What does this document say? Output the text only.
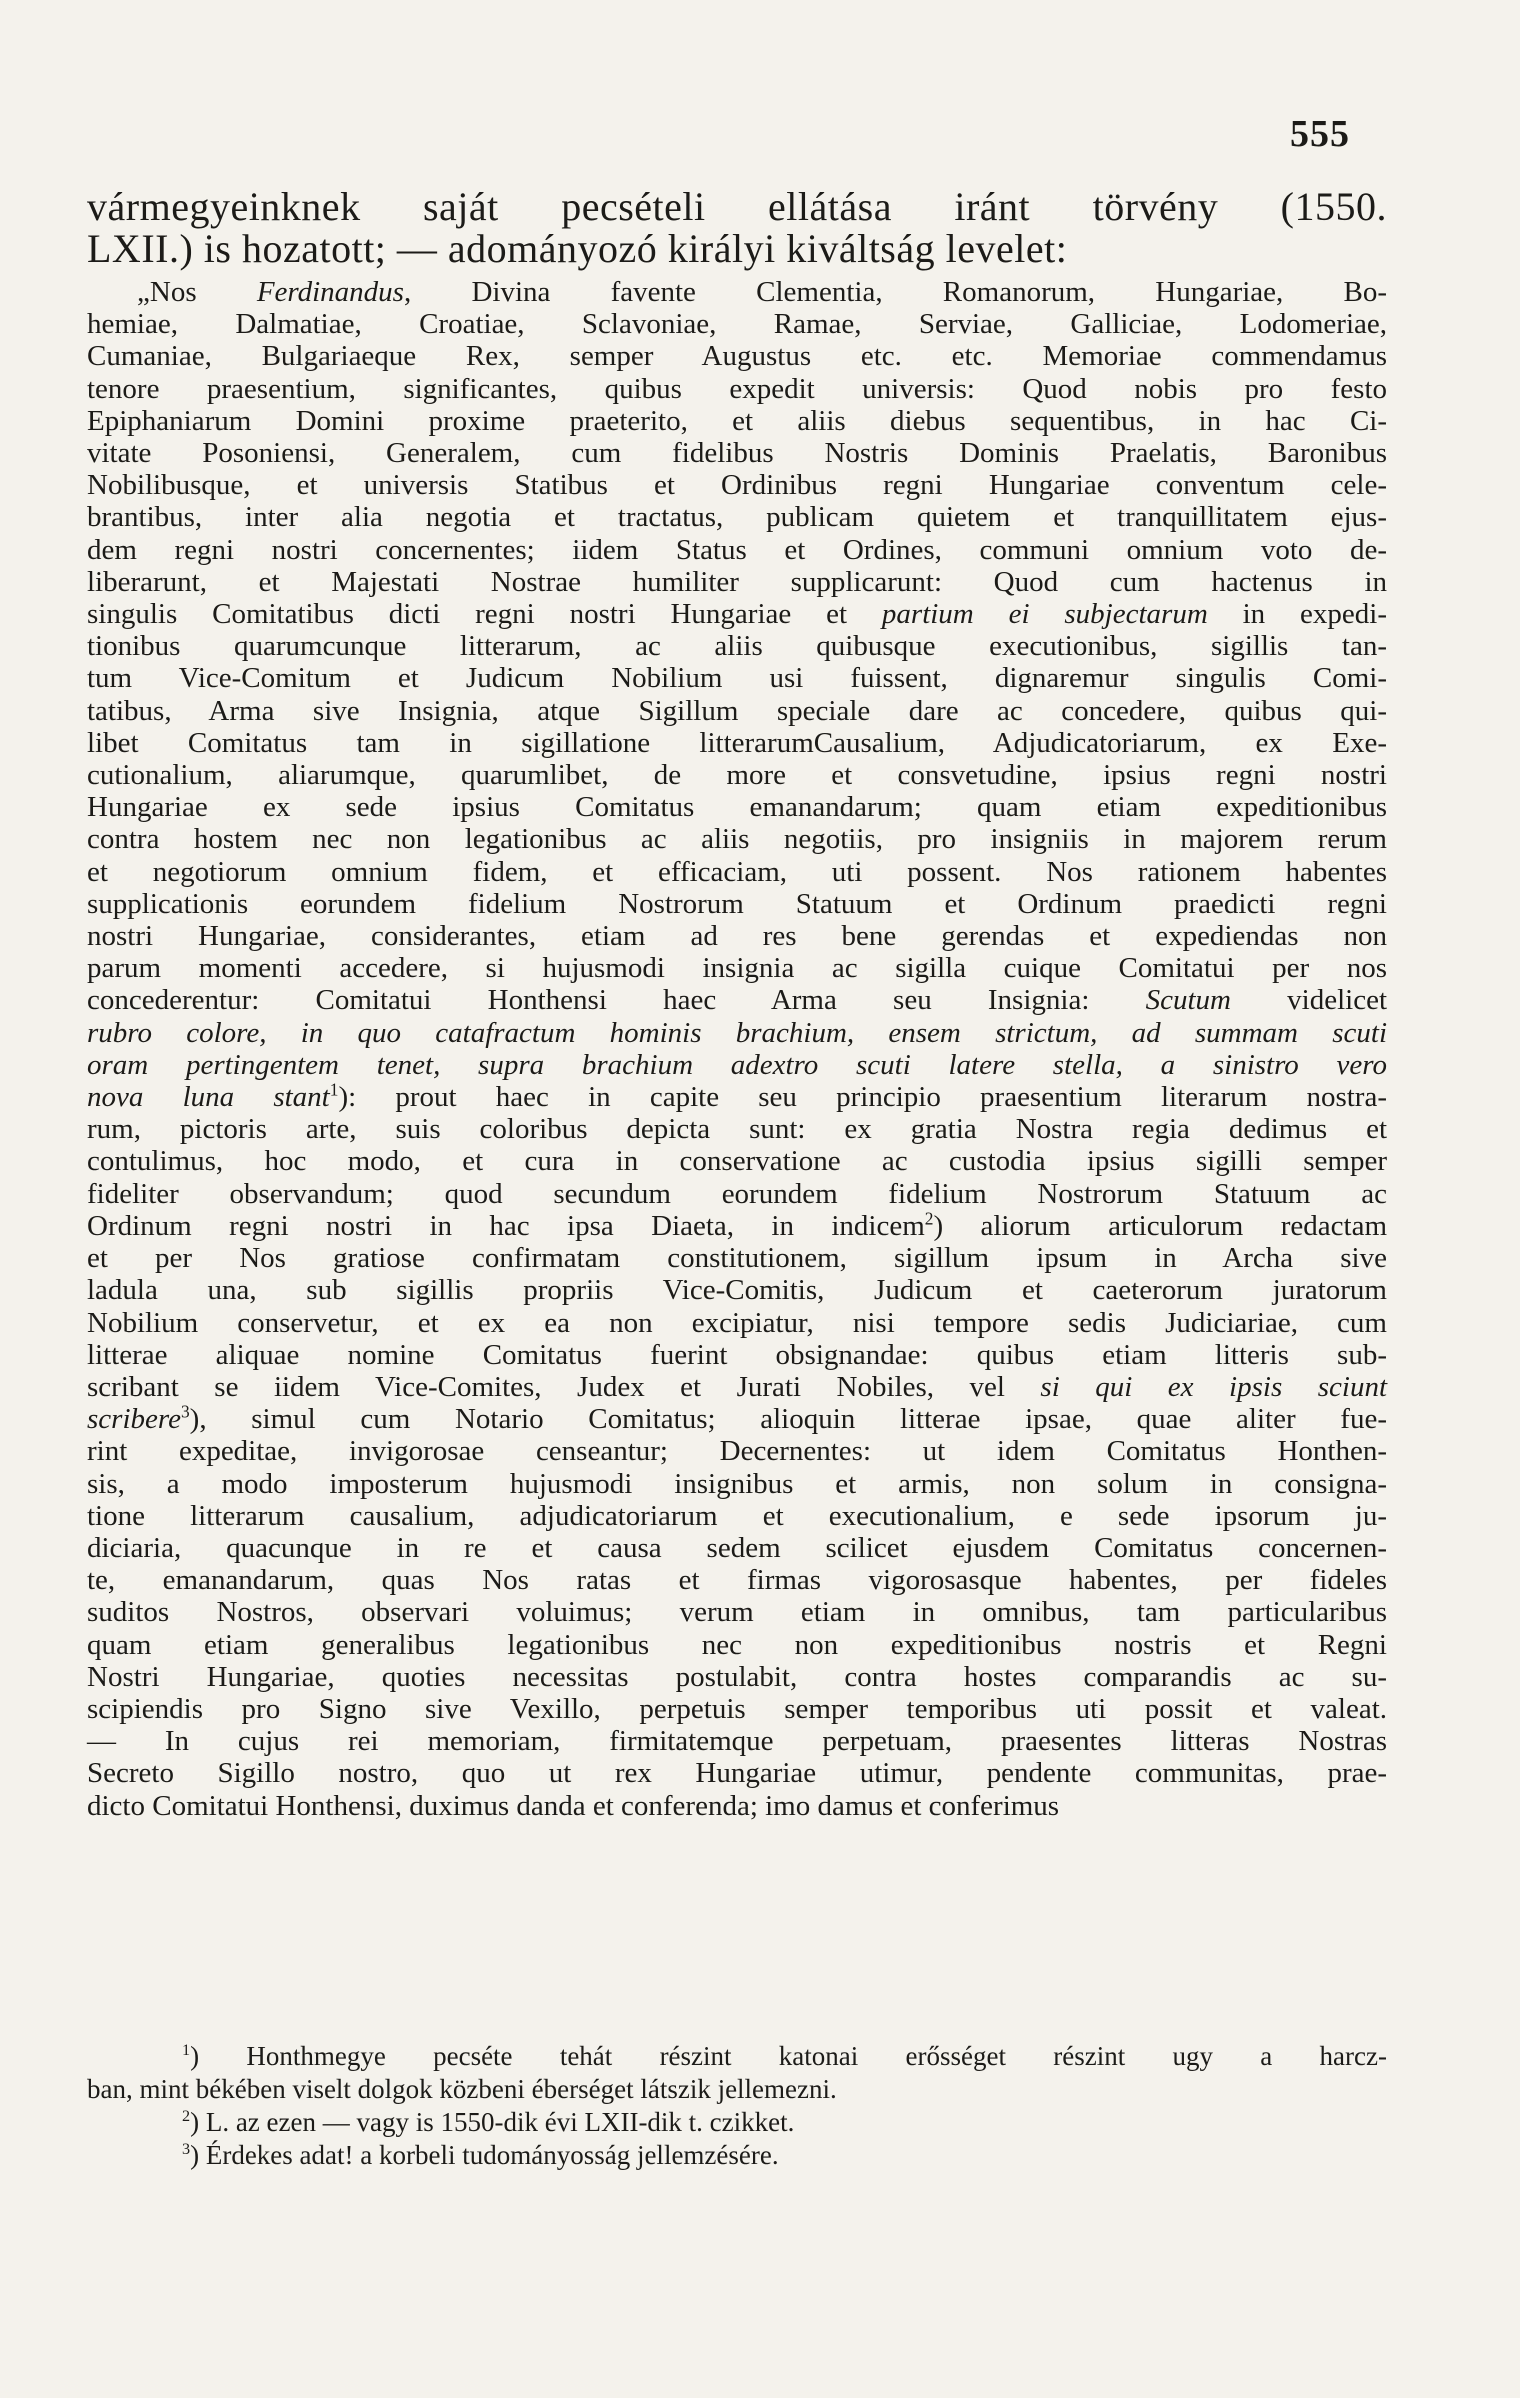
555
vármegyeinknek saját pecsételi ellátása iránt törvény (1550.
LXII.) is hozatott; — adományozó királyi kiváltság levelet:
„Nos Ferdinandus, Divina favente Clementia, Romanorum, Hungariae, Bo-
hemiae, Dalmatiae, Croatiae, Sclavoniae, Ramae, Serviae, Galliciae, Lodomeriae,
Cumaniae, Bulgariaeque Rex, semper Augustus etc. etc. Memoriae commendamus
tenore praesentium, significantes, quibus expedit universis: Quod nobis pro festo
Epiphaniarum Domini proxime praeterito, et aliis diebus sequentibus, in hac Ci-
vitate Posoniensi, Generalem, cum fidelibus Nostris Dominis Praelatis, Baronibus
Nobilibusque, et universis Statibus et Ordinibus regni Hungariae conventum cele-
brantibus, inter alia negotia et tractatus, publicam quietem et tranquillitatem ejus-
dem regni nostri concernentes; iidem Status et Ordines, communi omnium voto de-
liberarunt, et Majestati Nostrae humiliter supplicarunt: Quod cum hactenus in
singulis Comitatibus dicti regni nostri Hungariae et partium ei subjectarum in expedi-
tionibus quarumcunque litterarum, ac aliis quibusque executionibus, sigillis tan-
tum Vice-Comitum et Judicum Nobilium usi fuissent, dignaremur singulis Comi-
tatibus, Arma sive Insignia, atque Sigillum speciale dare ac concedere, quibus qui-
libet Comitatus tam in sigillatione litterarumCausalium, Adjudicatoriarum, ex Exe-
cutionalium, aliarumque, quarumlibet, de more et consvetudine, ipsius regni nostri
Hungariae ex sede ipsius Comitatus emanandarum; quam etiam expeditionibus
contra hostem nec non legationibus ac aliis negotiis, pro insigniis in majorem rerum
et negotiorum omnium fidem, et efficaciam, uti possent. Nos rationem habentes
supplicationis eorundem fidelium Nostrorum Statuum et Ordinum praedicti regni
nostri Hungariae, considerantes, etiam ad res bene gerendas et expediendas non
parum momenti accedere, si hujusmodi insignia ac sigilla cuique Comitatui per nos
concederentur: Comitatui Honthensi haec Arma seu Insignia: Scutum videlicet
rubro colore, in quo catafractum hominis brachium, ensem strictum, ad summam scuti
oram pertingentem tenet, supra brachium adextro scuti latere stella, a sinistro vero
nova luna stant$^1$): prout haec in capite seu principio praesentium literarum nostra-
rum, pictoris arte, suis coloribus depicta sunt: ex gratia Nostra regia dedimus et
contulimus, hoc modo, et cura in conservatione ac custodia ipsius sigilli semper
fideliter observandum; quod secundum eorundem fidelium Nostrorum Statuum ac
Ordinum regni nostri in hac ipsa Diaeta, in indicem$^2$) aliorum articulorum redactam
et per Nos gratiose confirmatam constitutionem, sigillum ipsum in Archa sive
ladula una, sub sigillis propriis Vice-Comitis, Judicum et caeterorum juratorum
Nobilium conservetur, et ex ea non excipiatur, nisi tempore sedis Judiciariae, cum
litterae aliquae nomine Comitatus fuerint obsignandae: quibus etiam litteris sub-
scribant se iidem Vice-Comites, Judex et Jurati Nobiles, vel si qui ex ipsis sciunt
scribere$^3$), simul cum Notario Comitatus; alioquin litterae ipsae, quae aliter fue-
rint expeditae, invigorosae censeantur; Decernentes: ut idem Comitatus Honthen-
sis, a modo imposterum hujusmodi insignibus et armis, non solum in consigna-
tione litterarum causalium, adjudicatoriarum et executionalium, e sede ipsorum ju-
diciaria, quacunque in re et causa sedem scilicet ejusdem Comitatus concernen-
te, emanandarum, quas Nos ratas et firmas vigorosasque habentes, per fideles
suditos Nostros, observari voluimus; verum etiam in omnibus, tam particularibus
quam etiam generalibus legationibus nec non expeditionibus nostris et Regni
Nostri Hungariae, quoties necessitas postulabit, contra hostes comparandis ac su-
scipiendis pro Signo sive Vexillo, perpetuis semper temporibus uti possit et valeat.
— In cujus rei memoriam, firmitatemque perpetuam, praesentes litteras Nostras
Secreto Sigillo nostro, quo ut rex Hungariae utimur, pendente communitas, prae-
dicto Comitatui Honthensi, duximus danda et conferenda; imo damus et conferimus
$^1$) Honthmegye pecséte tehát részint katonai erősséget részint ugy a harcz-
ban, mint békében viselt dolgok közbeni éberséget látszik jellemezni.
$^2$) L. az ezen — vagy is 1550-dik évi LXII-dik t. czikket.
$^3$) Érdekes adat! a korbeli tudományosság jellemzésére.
